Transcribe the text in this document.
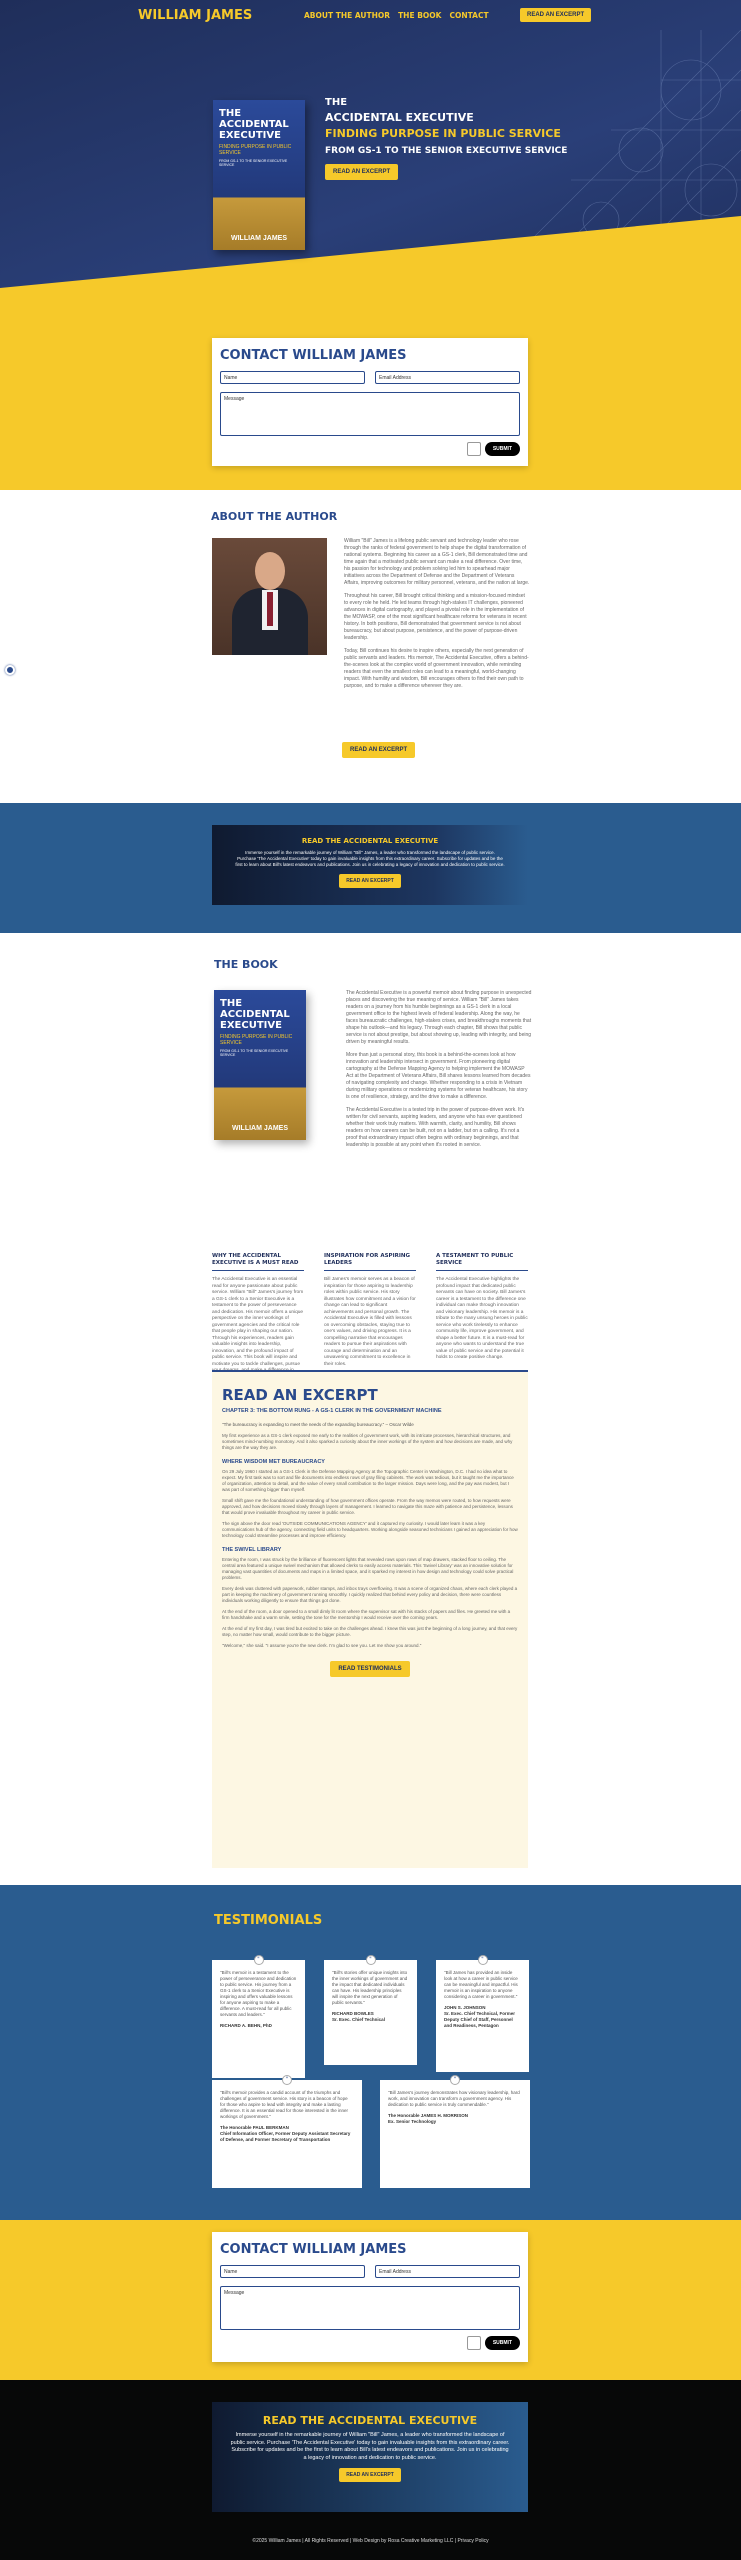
WILLIAM JAMES	ABOUT THE AUTHOR THE BOOK CONTACT	READ AN EXCERPT
THE ACCIDENTAL EXECUTIVE
FINDING PURPOSE IN PUBLIC SERVICE
FROM GS-1 TO THE SENIOR EXECUTIVE SERVICE
WILLIAM JAMES
THE
ACCIDENTAL EXECUTIVE
FINDING PURPOSE IN PUBLIC SERVICE
FROM GS-1 TO THE SENIOR EXECUTIVE SERVICE
READ AN EXCERPT
CONTACT WILLIAM JAMES
Name	Email Address
Message
SUBMIT
ABOUT THE AUTHOR

William "Bill" James is a lifelong public servant and technology leader who rose through the ranks of federal government to help shape the digital transformation of national systems. Beginning his career as a GS-1 clerk, Bill demonstrated time and time again that a motivated public servant can make a real difference. Over time, his passion for technology and problem solving led him to spearhead major initiatives across the Department of Defense and the Department of Veterans Affairs, improving outcomes for military personnel, veterans, and the nation at large.

Throughout his career, Bill brought critical thinking and a mission-focused mindset to every role he held. He led teams through high-stakes IT challenges, pioneered advances in digital cartography, and played a pivotal role in the implementation of the MOWASP, one of the most significant healthcare reforms for veterans in recent history. In both positions, Bill demonstrated that government service is not about bureaucracy, but about purpose, persistence, and the power of purpose-driven leadership.

Today, Bill continues his desire to inspire others, especially the next generation of public servants and leaders. His memoir, The Accidental Executive, offers a behind-the-scenes look at the complex world of government innovation, while reminding readers that even the smallest roles can lead to a meaningful, world-changing impact. With humility and wisdom, Bill encourages others to find their own path to purpose, and to make a difference wherever they are.

READ AN EXCERPT
READ THE ACCIDENTAL EXECUTIVE
Immerse yourself in the remarkable journey of William "Bill" James, a leader who transformed the landscape of public service. Purchase 'The Accidental Executive' today to gain invaluable insights from this extraordinary career. Subscribe for updates and be the first to learn about Bill's latest endeavors and publications. Join us in celebrating a legacy of innovation and dedication to public service.
READ AN EXCERPT
THE BOOK
THE ACCIDENTAL EXECUTIVE
FINDING PURPOSE IN PUBLIC SERVICE
FROM GS-1 TO THE SENIOR EXECUTIVE SERVICE
WILLIAM JAMES

The Accidental Executive is a powerful memoir about finding purpose in unexpected places and discovering the true meaning of service. William "Bill" James takes readers on a journey from his humble beginnings as a GS-1 clerk in a local government office to the highest levels of federal leadership. Along the way, he faces bureaucratic challenges, high-stakes crises, and breakthroughs moments that shape his outlook—and his legacy. Through each chapter, Bill shows that public service is not about prestige, but about showing up, leading with integrity, and being driven by meaningful results.

More than just a personal story, this book is a behind-the-scenes look at how innovation and leadership intersect in government. From pioneering digital cartography at the Defense Mapping Agency to helping implement the MOWASP Act at the Department of Veterans Affairs, Bill shares lessons learned from decades of navigating complexity and change. Whether responding to a crisis in Vietnam during military operations or modernizing systems for veteran healthcare, his story is one of resilience, strategy, and the drive to make a difference.

The Accidental Executive is a tested trip in the power of purpose-driven work. It's written for civil servants, aspiring leaders, and anyone who has ever questioned whether their work truly matters. With warmth, clarity, and humility, Bill shows readers on how careers can be built, not on a ladder, but on a calling. It's not a proof that extraordinary impact often begins with ordinary beginnings, and that leadership is possible at any point when it's rooted in service.

WHY THE ACCIDENTAL EXECUTIVE IS A MUST READ

The Accidental Executive is an essential read for anyone passionate about public service. William "Bill" James's journey from a GS-1 clerk to a Senior Executive is a testament to the power of perseverance and dedication. His memoir offers a unique perspective on the inner workings of government agencies and the critical role that people play in shaping our nation. Through his experiences, readers gain valuable insights into leadership, innovation, and the profound impact of public service. This book will inspire and motivate you to tackle challenges, pursue

INSPIRATION FOR ASPIRING LEADERS

Bill James's memoir serves as a beacon of inspiration for those aspiring to leadership roles within public service. His story illustrates how commitment and a vision for change can lead to significant achievements and personal growth. The Accidental Executive is filled with lessons on overcoming obstacles, staying true to one's values, and driving progress. It is a compelling narrative that encourages readers to pursue their aspirations with courage and determination and an unwavering commitment to excellence in their roles.

A TESTAMENT TO PUBLIC SERVICE

The Accidental Executive highlights the profound impact that dedicated public servants can have on society. Bill James's career is a testament to the difference one individual can make through innovation and visionary leadership. His memoir is a tribute to the many unsung heroes in public service who work tirelessly to enhance community life, improve government, and shape a better future. It is a must-read for anyone who wants to understand the true value of public service and the potential it holds to create positive change.

READ AN EXCERPT
CHAPTER 3: THE BOTTOM RUNG - A GS-1 CLERK IN THE GOVERNMENT MACHINE
"The bureaucracy is expanding to meet the needs of the expanding bureaucracy." – Oscar Wilde

My first experience as a GS-1 clerk exposed me early to the realities of government work, with its intricate processes, hierarchical structures, and sometimes mind-numbing monotony. And it also sparked a curiosity about the inner workings of the system and how decisions are made, and why things are the way they are.

WHERE WISDOM MET BUREAUCRACY

On 29 July 1960 I started as a GS-1 Clerk in the Defense Mapping Agency at the Topographic Center in Washington, D.C. I had no idea what to expect. My first task was to sort and file documents into endless rows of gray filing cabinets. The work was tedious, but it taught me the importance of organization, attention to detail, and the value of every small contribution to the larger mission. Days were long, and the pay was modest, but I was part of something bigger than myself.

Small shift gave me the foundational understanding of how government offices operate. From the way memos were routed, to how requests were approved, and how decisions moved slowly through layers of management. I learned to navigate this maze with patience and persistence, lessons that would prove invaluable throughout my career in public service.

The sign above the door read 'OUTSIDE COMMUNICATIONS AGENCY' and it captured my curiosity. I would later learn it was a key communications hub of the agency, connecting field units to headquarters. Working alongside seasoned technicians I gained an appreciation for how technology could streamline processes and improve efficiency.

THE SWIVEL LIBRARY

Entering the room, I was struck by the brilliance of fluorescent lights that revealed rows upon rows of map drawers, stacked floor to ceiling. The central area featured a unique swivel mechanism that allowed clerks to easily access materials. This 'Swivel Library' was an innovative solution for managing vast quantities of documents and maps in a limited space, and it sparked my interest in how design and technology could solve practical problems.

Every desk was cluttered with paperwork, rubber stamps, and inbox trays overflowing. It was a scene of organized chaos, where each clerk played a part in keeping the machinery of government running smoothly. I quickly realized that behind every policy and decision, there were countless individuals working diligently to ensure that things got done.

At the end of the room, a door opened to a small dimly lit room where the supervisor sat with his stacks of papers and files. He greeted me with a firm handshake and a warm smile, setting the tone for the mentorship I would receive over the coming years.

At the end of my first day, I was tired but excited to take on the challenges ahead. I knew this was just the beginning of a long journey, and that every step, no matter how small, would contribute to the bigger picture.

"Welcome," she said. "I assume you're the new clerk. I'm glad to see you. Let me show you around."

READ TESTIMONIALS
TESTIMONIALS
“
"Bill's memoir is a testament to the power of perseverance and dedication to public service. His journey from a GS-1 clerk to a Senior Executive is inspiring and offers valuable lessons for anyone aspiring to make a difference. A must-read for all public servants and leaders."
RICHARD A. BEHN, PhD
“
"Bill's stories offer unique insights into the inner workings of government and the impact that dedicated individuals can have. His leadership principles will inspire the next generation of public servants."
RICHARD BOWLES
Sr. Exec. Chief Technical
“
"Bill James has provided an inside look at how a career in public service can be meaningful and impactful. His memoir is an inspiration to anyone considering a career in government."
JOHN S. JOHNSON
Sr. Exec. Chief Technical, Former Deputy Chief of Staff, Personnel and Readiness, Pentagon
“
"Bill's memoir provides a candid account of the triumphs and challenges of government service. His story is a beacon of hope for those who aspire to lead with integrity and make a lasting difference. It is an essential read for those interested in the inner workings of government."
The Honorable PAUL BERKMAN
Chief Information Officer, Former Deputy Assistant Secretary of Defense, and Former Secretary of Transportation
“
"Bill James's journey demonstrates how visionary leadership, hard work, and innovation can transform a government agency. His dedication to public service is truly commendable."
The Honorable JAMES H. MORRISON
Ex. Senior Technology
CONTACT WILLIAM JAMES
Name	Email Address
Message
SUBMIT
READ THE ACCIDENTAL EXECUTIVE
Immerse yourself in the remarkable journey of William "Bill" James, a leader who transformed the landscape of public service. Purchase 'The Accidental Executive' today to gain invaluable insights from this extraordinary career. Subscribe for updates and be the first to learn about Bill's latest endeavors and publications. Join us in celebrating a legacy of innovation and dedication to public service.
READ AN EXCERPT
©2025 William James | All Rights Reserved | Web Design by Rosa Creative Marketing LLC | Privacy Policy
